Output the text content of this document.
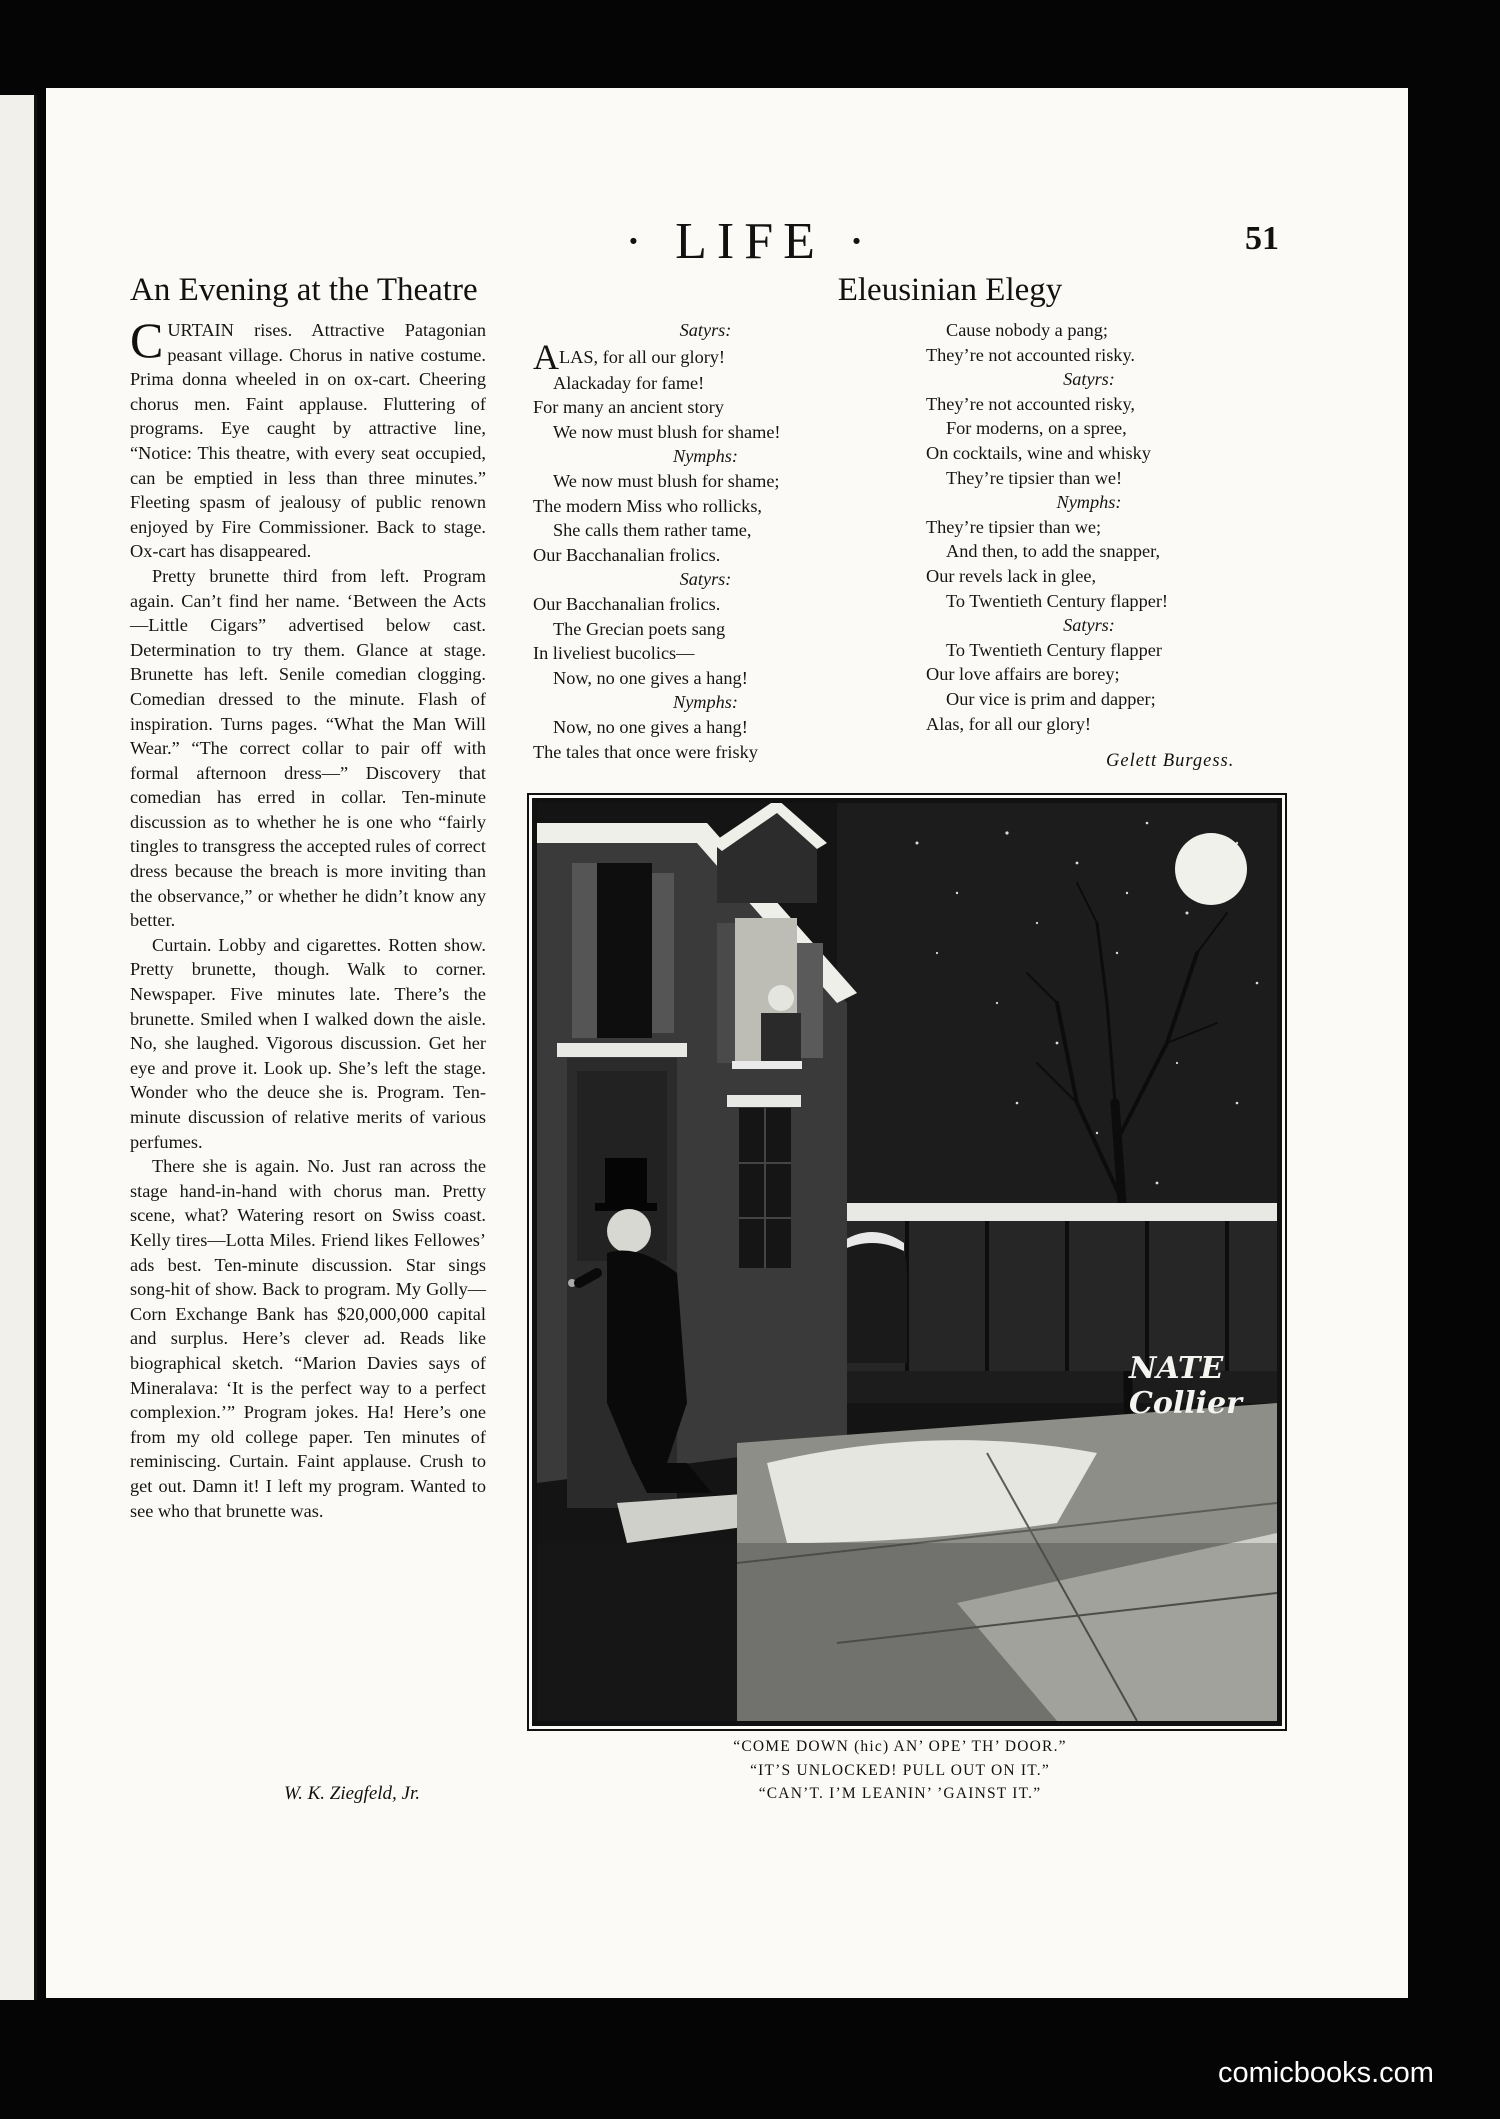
· LIFE ·	51
An Evening at the Theatre

CURTAIN rises. Attractive Patagonian peasant village. Chorus in native costume. Prima donna wheeled in on ox-cart. Cheering chorus men. Faint applause. Fluttering of programs. Eye caught by attractive line, “Notice: This theatre, with every seat occupied, can be emptied in less than three minutes.” Fleeting spasm of jealousy of public renown enjoyed by Fire Commissioner. Back to stage. Ox-cart has disappeared.

Pretty brunette third from left. Program again. Can’t find her name. ‘Between the Acts—Little Cigars” advertised below cast. Determination to try them. Glance at stage. Brunette has left. Senile comedian clogging. Comedian dressed to the minute. Flash of inspiration. Turns pages. “What the Man Will Wear.” “The correct collar to pair off with formal afternoon dress—” Discovery that comedian has erred in collar. Ten-minute discussion as to whether he is one who “fairly tingles to transgress the accepted rules of correct dress because the breach is more inviting than the observance,” or whether he didn’t know any better.

Curtain. Lobby and cigarettes. Rotten show. Pretty brunette, though. Walk to corner. Newspaper. Five minutes late. There’s the brunette. Smiled when I walked down the aisle. No, she laughed. Vigorous discussion. Get her eye and prove it. Look up. She’s left the stage. Wonder who the deuce she is. Program. Ten-minute discussion of relative merits of various perfumes.

There she is again. No. Just ran across the stage hand-in-hand with chorus man. Pretty scene, what? Watering resort on Swiss coast. Kelly tires—Lotta Miles. Friend likes Fellowes’ ads best. Ten-minute discussion. Star sings song-hit of show. Back to program. My Golly—Corn Exchange Bank has $20,000,000 capital and surplus. Here’s clever ad. Reads like biographical sketch. “Marion Davies says of Mineralava: ‘It is the perfect way to a perfect complexion.’” Program jokes. Ha! Here’s one from my old college paper. Ten minutes of reminiscing. Curtain. Faint applause. Crush to get out. Damn it! I left my program. Wanted to see who that brunette was.

W. K. Ziegfeld, Jr.
Eleusinian Elegy
Satyrs:
ALAS, for all our glory!
Alackaday for fame!
For many an ancient story
We now must blush for shame!
Nymphs:
We now must blush for shame;
The modern Miss who rollicks,
She calls them rather tame,
Our Bacchanalian frolics.
Satyrs:
Our Bacchanalian frolics.
The Grecian poets sang
In liveliest bucolics—
Now, no one gives a hang!
Nymphs:
Now, no one gives a hang!
The tales that once were frisky
Cause nobody a pang;
They’re not accounted risky.
Satyrs:
They’re not accounted risky,
For moderns, on a spree,
On cocktails, wine and whisky
They’re tipsier than we!
Nymphs:
They’re tipsier than we;
And then, to add the snapper,
Our revels lack in glee,
To Twentieth Century flapper!
Satyrs:
To Twentieth Century flapper
Our love affairs are borey;
Our vice is prim and dapper;
Alas, for all our glory!
Gelett Burgess.
NATE Collier
“COME DOWN (hic) AN’ OPE’ TH’ DOOR.”
“IT’S UNLOCKED! PULL OUT ON IT.”
“CAN’T. I’M LEANIN’ ’GAINST IT.”
comicbooks.com
